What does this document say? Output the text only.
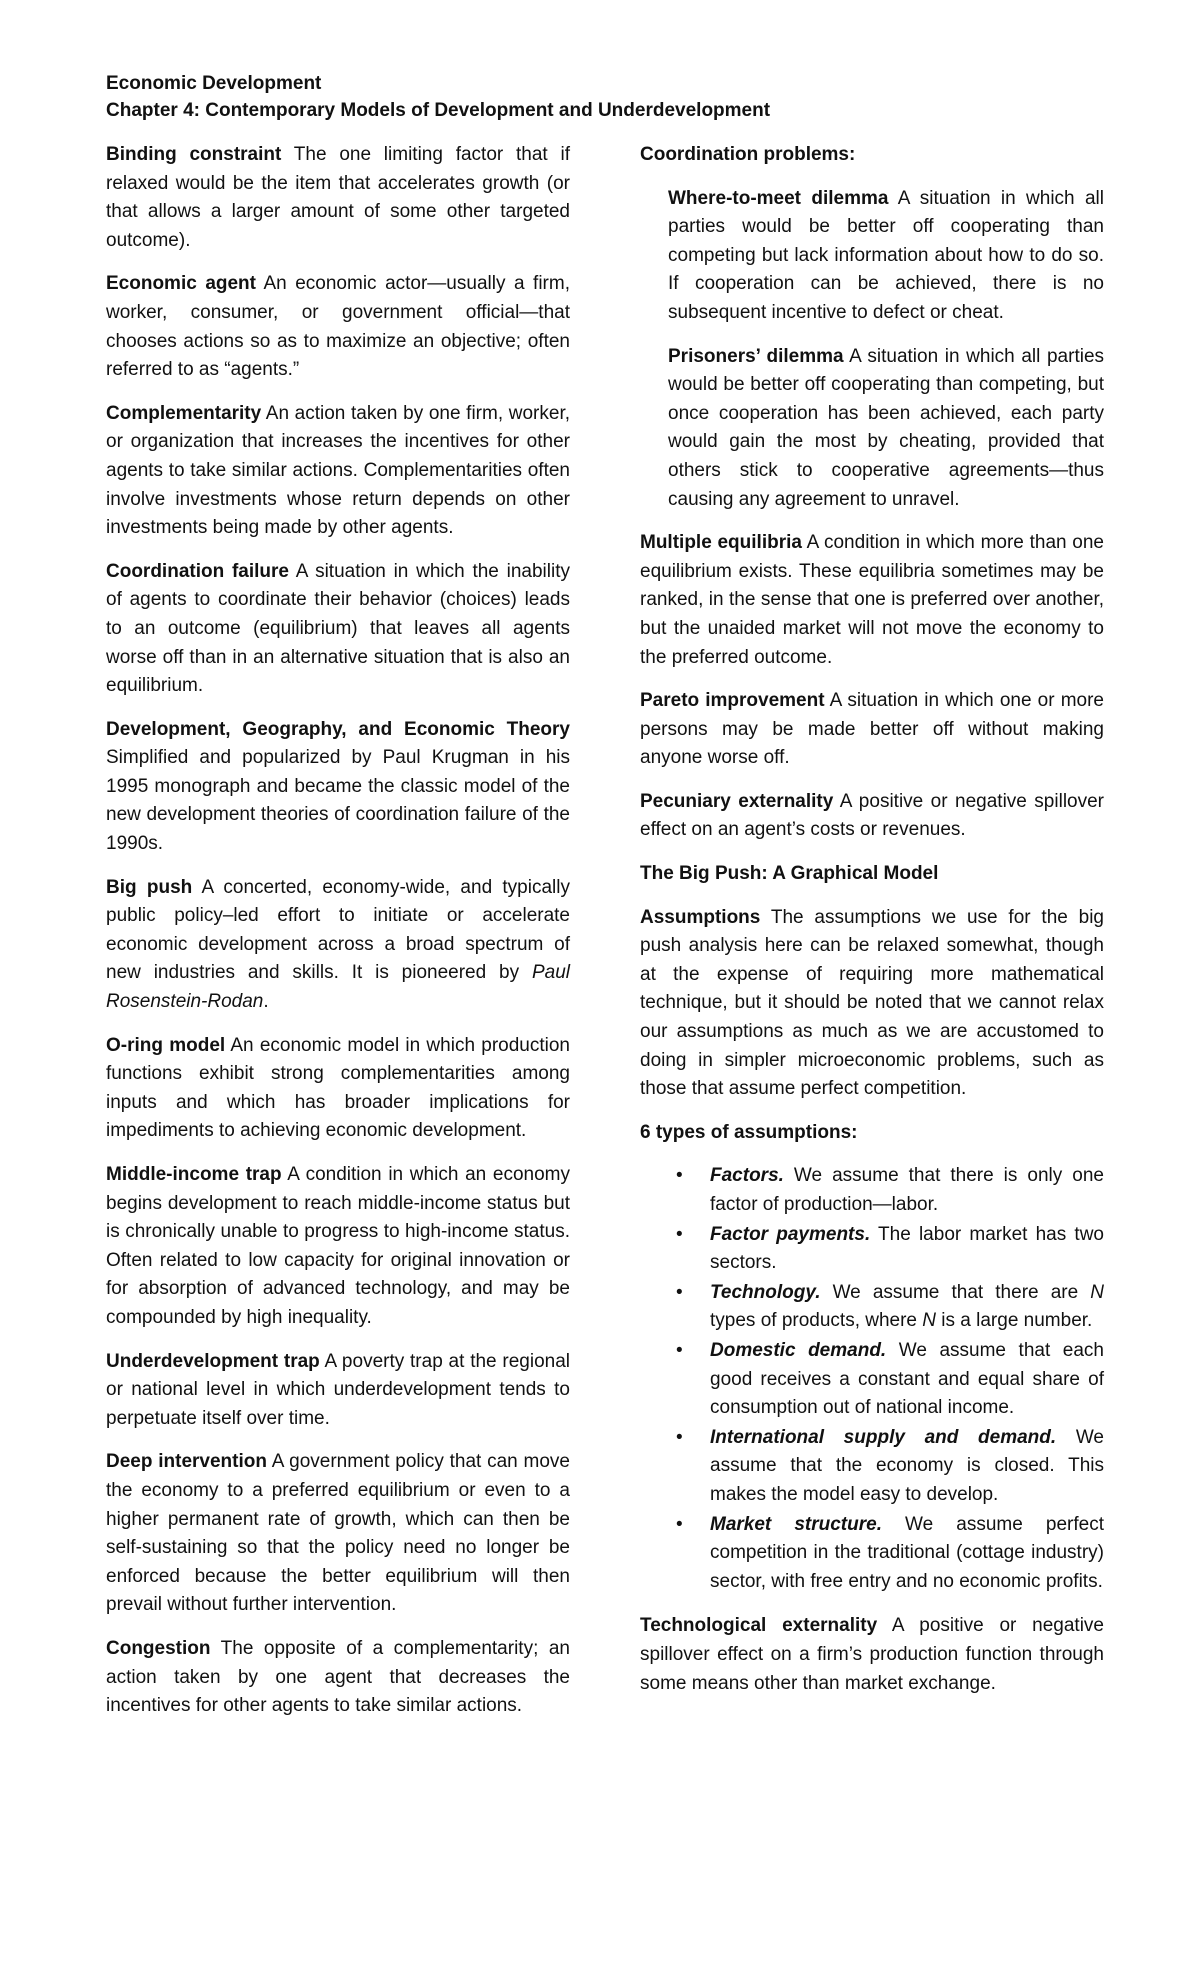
Economic Development
Chapter 4: Contemporary Models of Development and Underdevelopment

Binding constraint The one limiting factor that if relaxed would be the item that accelerates growth (or that allows a larger amount of some other targeted outcome).

Economic agent An economic actor—usually a firm, worker, consumer, or government official—that chooses actions so as to maximize an objective; often referred to as “agents.”

Complementarity An action taken by one firm, worker, or organization that increases the incentives for other agents to take similar actions. Complementarities often involve investments whose return depends on other investments being made by other agents.

Coordination failure A situation in which the inability of agents to coordinate their behavior (choices) leads to an outcome (equilibrium) that leaves all agents worse off than in an alternative situation that is also an equilibrium.

Development, Geography, and Economic Theory Simplified and popularized by Paul Krugman in his 1995 monograph and became the classic model of the new development theories of coordination failure of the 1990s.

Big push A concerted, economy-wide, and typically public policy–led effort to initiate or accelerate economic development across a broad spectrum of new industries and skills. It is pioneered by Paul Rosenstein-Rodan.

O-ring model An economic model in which production functions exhibit strong complementarities among inputs and which has broader implications for impediments to achieving economic development.

Middle-income trap A condition in which an economy begins development to reach middle-income status but is chronically unable to progress to high-income status. Often related to low capacity for original innovation or for absorption of advanced technology, and may be compounded by high inequality.

Underdevelopment trap A poverty trap at the regional or national level in which underdevelopment tends to perpetuate itself over time.

Deep intervention A government policy that can move the economy to a preferred equilibrium or even to a higher permanent rate of growth, which can then be self-sustaining so that the policy need no longer be enforced because the better equilibrium will then prevail without further intervention.

Congestion The opposite of a complementarity; an action taken by one agent that decreases the incentives for other agents to take similar actions.

Coordination problems:

Where-to-meet dilemma A situation in which all parties would be better off cooperating than competing but lack information about how to do so. If cooperation can be achieved, there is no subsequent incentive to defect or cheat.

Prisoners’ dilemma A situation in which all parties would be better off cooperating than competing, but once cooperation has been achieved, each party would gain the most by cheating, provided that others stick to cooperative agreements—thus causing any agreement to unravel.

Multiple equilibria A condition in which more than one equilibrium exists. These equilibria sometimes may be ranked, in the sense that one is preferred over another, but the unaided market will not move the economy to the preferred outcome.

Pareto improvement A situation in which one or more persons may be made better off without making anyone worse off.

Pecuniary externality A positive or negative spillover effect on an agent’s costs or revenues.

The Big Push: A Graphical Model

Assumptions The assumptions we use for the big push analysis here can be relaxed somewhat, though at the expense of requiring more mathematical technique, but it should be noted that we cannot relax our assumptions as much as we are accustomed to doing in simpler microeconomic problems, such as those that assume perfect competition.

6 types of assumptions:
• Factors. We assume that there is only one factor of production—labor.
• Factor payments. The labor market has two sectors.
• Technology. We assume that there are N types of products, where N is a large number.
• Domestic demand. We assume that each good receives a constant and equal share of consumption out of national income.
• International supply and demand. We assume that the economy is closed. This makes the model easy to develop.
• Market structure. We assume perfect competition in the traditional (cottage industry) sector, with free entry and no economic profits.

Technological externality A positive or negative spillover effect on a firm’s production function through some means other than market exchange.
